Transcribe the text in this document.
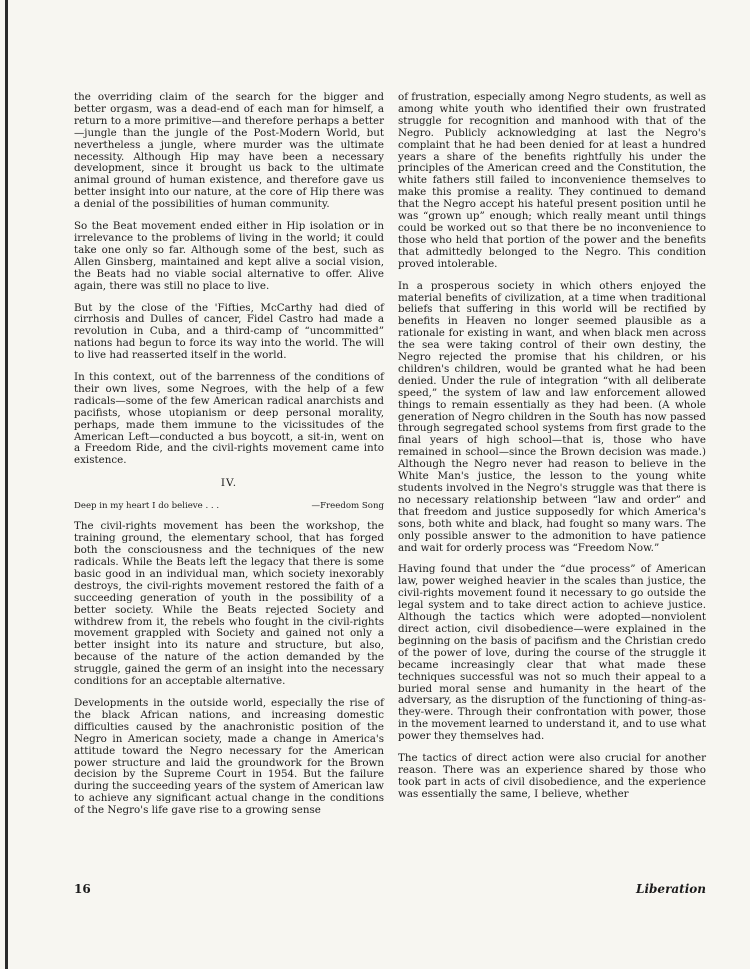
the overriding claim of the search for the bigger and better orgasm, was a dead-end of each man for himself, a return to a more primitive—and therefore perhaps a better—jungle than the jungle of the Post-Modern World, but nevertheless a jungle, where murder was the ultimate necessity. Although Hip may have been a necessary development, since it brought us back to the ultimate animal ground of human existence, and therefore gave us better insight into our nature, at the core of Hip there was a denial of the possibilities of human community.

So the Beat movement ended either in Hip isolation or in irrelevance to the problems of living in the world; it could take one only so far. Although some of the best, such as Allen Ginsberg, maintained and kept alive a social vision, the Beats had no viable social alternative to offer. Alive again, there was still no place to live.

But by the close of the 'Fifties, McCarthy had died of cirrhosis and Dulles of cancer, Fidel Castro had made a revolution in Cuba, and a third-camp of “uncommitted” nations had begun to force its way into the world. The will to live had reasserted itself in the world.

In this context, out of the barrenness of the conditions of their own lives, some Negroes, with the help of a few radicals—some of the few American radical anarchists and pacifists, whose utopianism or deep personal morality, perhaps, made them immune to the vicissitudes of the American Left—conducted a bus boycott, a sit-in, went on a Freedom Ride, and the civil-rights movement came into existence.

IV.
Deep in my heart I do believe . . .	—Freedom Song

The civil-rights movement has been the workshop, the training ground, the elementary school, that has forged both the consciousness and the techniques of the new radicals. While the Beats left the legacy that there is some basic good in an individual man, which society inexorably destroys, the civil-rights movement restored the faith of a succeeding generation of youth in the possibility of a better society. While the Beats rejected Society and withdrew from it, the rebels who fought in the civil-rights movement grappled with Society and gained not only a better insight into its nature and structure, but also, because of the nature of the action demanded by the struggle, gained the germ of an insight into the necessary conditions for an acceptable alternative.

Developments in the outside world, especially the rise of the black African nations, and increasing domestic difficulties caused by the anachronistic position of the Negro in American society, made a change in America's attitude toward the Negro necessary for the American power structure and laid the groundwork for the Brown decision by the Supreme Court in 1954. But the failure during the succeeding years of the system of American law to achieve any significant actual change in the conditions of the Negro's life gave rise to a growing sense

of frustration, especially among Negro students, as well as among white youth who identified their own frustrated struggle for recognition and manhood with that of the Negro. Publicly acknowledging at last the Negro's complaint that he had been denied for at least a hundred years a share of the benefits rightfully his under the principles of the American creed and the Constitution, the white fathers still failed to inconvenience themselves to make this promise a reality. They continued to demand that the Negro accept his hateful present position until he was “grown up” enough; which really meant until things could be worked out so that there be no inconvenience to those who held that portion of the power and the benefits that admittedly belonged to the Negro. This condition proved intolerable.

In a prosperous society in which others enjoyed the material benefits of civilization, at a time when traditional beliefs that suffering in this world will be rectified by benefits in Heaven no longer seemed plausible as a rationale for existing in want, and when black men across the sea were taking control of their own destiny, the Negro rejected the promise that his children, or his children's children, would be granted what he had been denied. Under the rule of integration “with all deliberate speed,” the system of law and law enforcement allowed things to remain essentially as they had been. (A whole generation of Negro children in the South has now passed through segregated school systems from first grade to the final years of high school—that is, those who have remained in school—since the Brown decision was made.) Although the Negro never had reason to believe in the White Man's justice, the lesson to the young white students involved in the Negro's struggle was that there is no necessary relationship between “law and order” and that freedom and justice supposedly for which America's sons, both white and black, had fought so many wars. The only possible answer to the admonition to have patience and wait for orderly process was “Freedom Now.”

Having found that under the “due process” of American law, power weighed heavier in the scales than justice, the civil-rights movement found it necessary to go outside the legal system and to take direct action to achieve justice. Although the tactics which were adopted—nonviolent direct action, civil disobedience—were explained in the beginning on the basis of pacifism and the Christian credo of the power of love, during the course of the struggle it became increasingly clear that what made these techniques successful was not so much their appeal to a buried moral sense and humanity in the heart of the adversary, as the disruption of the functioning of thing-as-they-were. Through their confrontation with power, those in the movement learned to understand it, and to use what power they themselves had.

The tactics of direct action were also crucial for another reason. There was an experience shared by those who took part in acts of civil disobedience, and the experience was essentially the same, I believe, whether

16	Liberation
